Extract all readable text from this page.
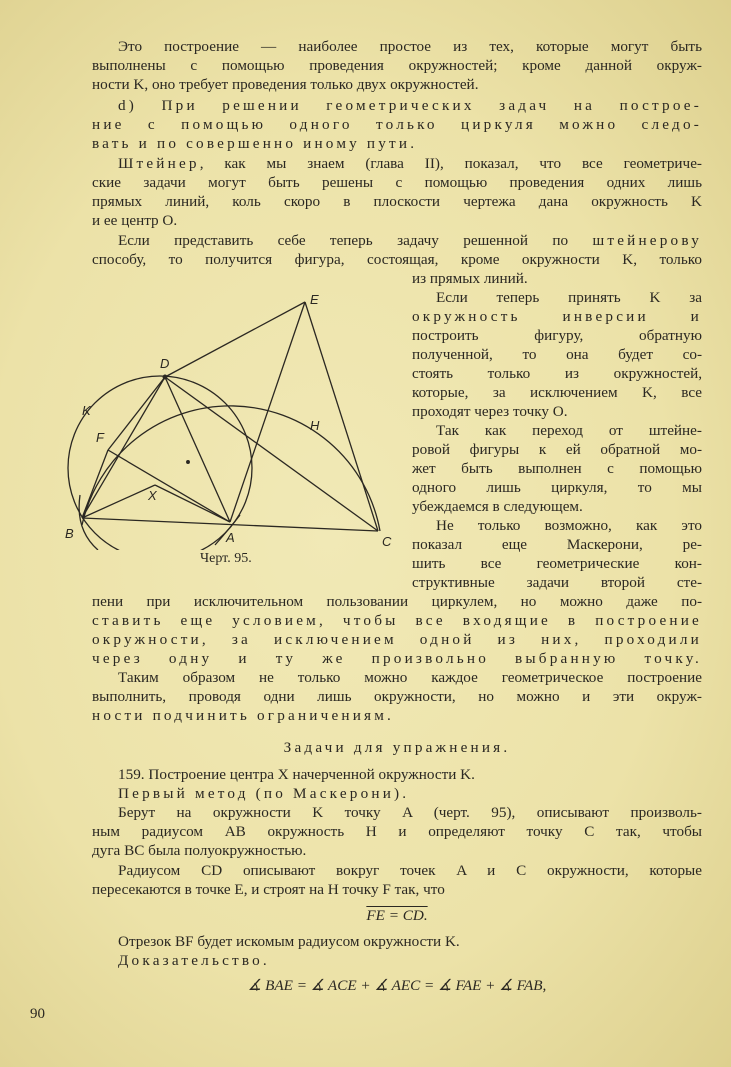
Это построение — наиболее простое из тех, которые могут быть
выполнены с помощью проведения окружностей; кроме данной окруж-
ности K, оно требует проведения только двух окружностей.
d) При решении геометрических задач на построе-
ние с помощью одного только циркуля можно следо-
вать и по совершенно иному пути.
Штейнер, как мы знаем (глава II), показал, что все геометриче-
ские задачи могут быть решены с помощью проведения одних лишь
прямых линий, коль скоро в плоскости чертежа дана окружность K
и ее центр O.
Если представить себе теперь задачу решенной по штейнерову
способу, то получится фигура, состоящая, кроме окружности K, только
из прямых линий.
Если теперь принять K за
окружность инверсии и
построить фигуру, обратную
полученной, то она будет со-
стоять только из окружностей,
которые, за исключением K, все
проходят через точку O.
Так как переход от штейне-
ровой фигуры к ей обратной мо-
жет быть выполнен с помощью
одного лишь циркуля, то мы
убеждаемся в следующем.
Не только возможно, как это
показал еще Маскерони, ре-
шить все геометрические кон-
структивные задачи второй сте-
E
D
K
F
H
X
B	A	C
Черт. 95.
пени при исключительном пользовании циркулем, но можно даже по-
ставить еще условием, чтобы все входящие в построение
окружности, за исключением одной из них, проходили
через одну и ту же произвольно выбранную точку.
Таким образом не только можно каждое геометрическое построение
выполнить, проводя одни лишь окружности, но можно и эти окруж-
ности подчинить ограничениям.
Задачи для упражнения.
159. Построение центра X начерченной окружности K.
Первый метод (по Маскерони).
Берут на окружности K точку A (черт. 95), описывают произволь-
ным радиусом AB окружность H и определяют точку C так, чтобы
дуга BC была полуокружностью.
Радиусом CD описывают вокруг точек A и C окружности, которые
пересекаются в точке E, и строят на H точку F так, что
FE = CD.
Отрезок BF будет искомым радиусом окружности K.
Доказательство.
∡ BAE = ∡ ACE + ∡ AEC = ∡ FAE + ∡ FAB,
90
